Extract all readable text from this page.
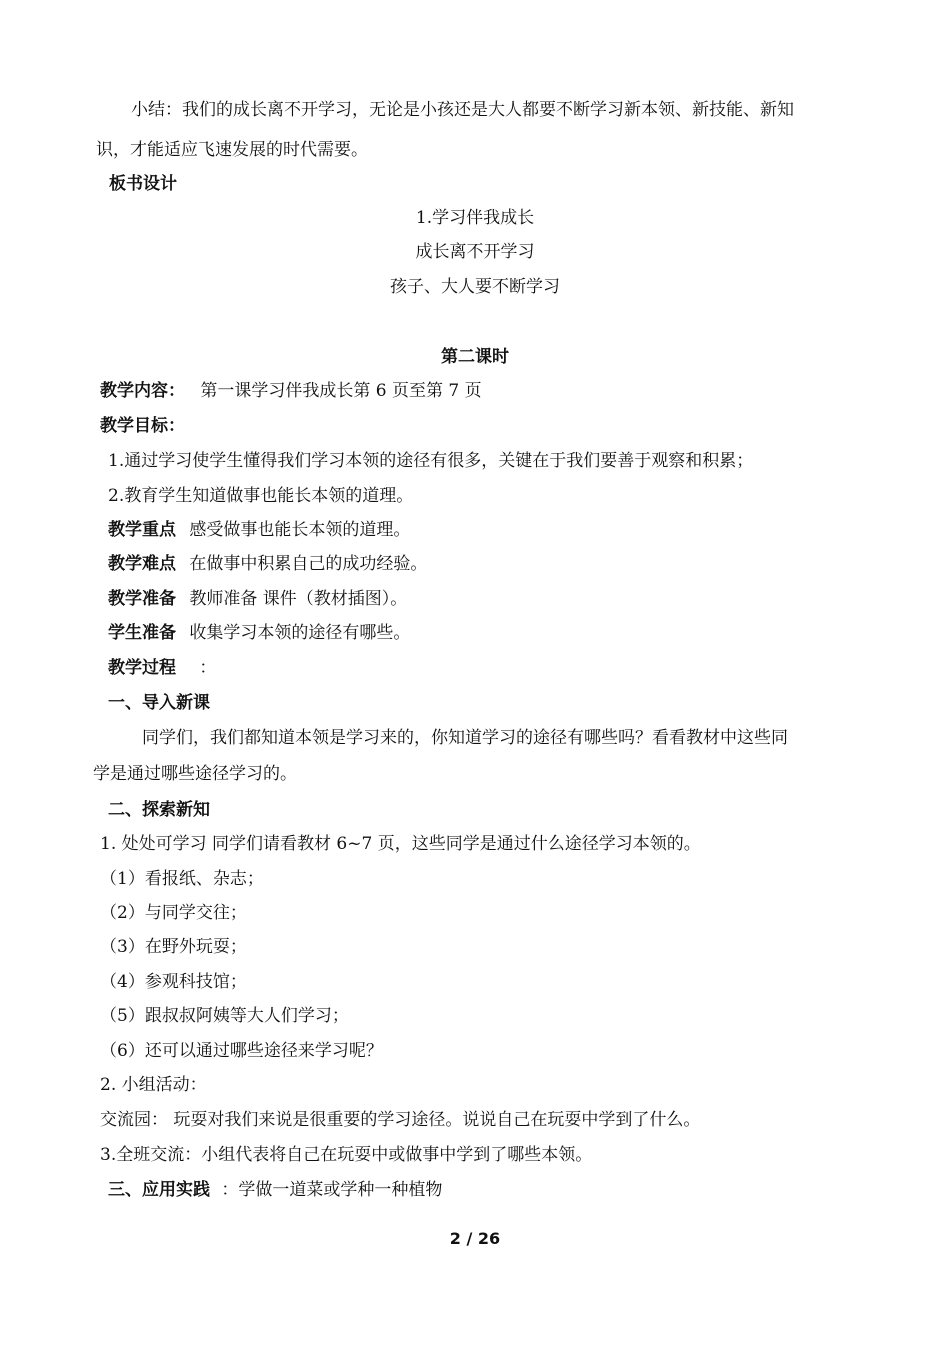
小结：我们的成长离不开学习，无论是小孩还是大人都要不断学习新本领、新技能、新知
识，才能适应飞速发展的时代需要。
板书设计
1.学习伴我成长
成长离不开学习
孩子、大人要不断学习
第二课时
教学内容： 第一课学习伴我成长第 6 页至第 7 页
教学目标：
1.通过学习使学生懂得我们学习本领的途径有很多，关键在于我们要善于观察和积累；
2.教育学生知道做事也能长本领的道理。
教学重点 感受做事也能长本领的道理。
教学难点 在做事中积累自己的成功经验。
教学准备 教师准备 课件（教材插图）。
学生准备 收集学习本领的途径有哪些。
教学过程 ：
一、导入新课
同学们，我们都知道本领是学习来的，你知道学习的途径有哪些吗？看看教材中这些同
学是通过哪些途径学习的。
二、探索新知
1. 处处可学习 同学们请看教材 6~7 页，这些同学是通过什么途径学习本领的。
（1）看报纸、杂志；
（2）与同学交往；
（3）在野外玩耍；
（4）参观科技馆；
（5）跟叔叔阿姨等大人们学习；
（6）还可以通过哪些途径来学习呢？
2. 小组活动：
交流园： 玩耍对我们来说是很重要的学习途径。说说自己在玩耍中学到了什么。
3.全班交流：小组代表将自己在玩耍中或做事中学到了哪些本领。
三、应用实践 ：学做一道菜或学种一种植物
2 / 26
